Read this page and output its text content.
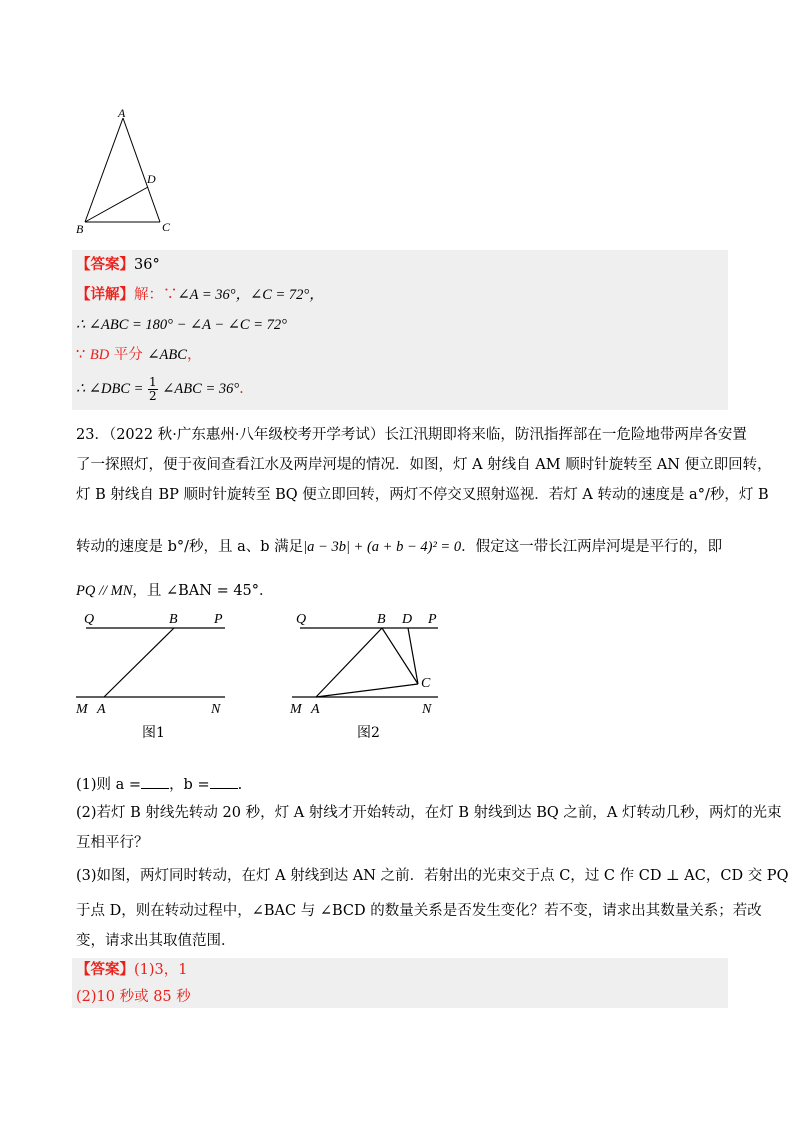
A
D
B	C
【答案】36°
【详解】解：∵∠A = 36°，∠C = 72°，
∴ ∠ABC = 180° − ∠A − ∠C = 72°
∵ BD 平分 ∠ABC，
∴ ∠DBC = $\frac{1}{2}$ ∠ABC = 36°.
23．（2022 秋·广东惠州·八年级校考开学考试）长江汛期即将来临，防汛指挥部在一危险地带两岸各安置
了一探照灯，便于夜间查看江水及两岸河堤的情况．如图，灯 A 射线自 AM 顺时针旋转至 AN 便立即回转，
灯 B 射线自 BP 顺时针旋转至 BQ 便立即回转，两灯不停交叉照射巡视．若灯 A 转动的速度是 a°/秒，灯 B
转动的速度是 b°/秒，且 a、b 满足|a − 3b| + (a + b − 4)² = 0．假定这一带长江两岸河堤是平行的，即
PQ // MN，且 ∠BAN = 45°．
Q	B	P
M A	N
图1
Q	B D P
C
M A	N
图2
(1)则 a = ，b = .
(2)若灯 B 射线先转动 20 秒，灯 A 射线才开始转动，在灯 B 射线到达 BQ 之前，A 灯转动几秒，两灯的光束
互相平行？
(3)如图，两灯同时转动，在灯 A 射线到达 AN 之前．若射出的光束交于点 C，过 C 作 CD ⊥ AC，CD 交 PQ
于点 D，则在转动过程中，∠BAC 与 ∠BCD 的数量关系是否发生变化？若不变，请求出其数量关系；若改
变，请求出其取值范围．
【答案】(1)3，1
(2)10 秒或 85 秒
